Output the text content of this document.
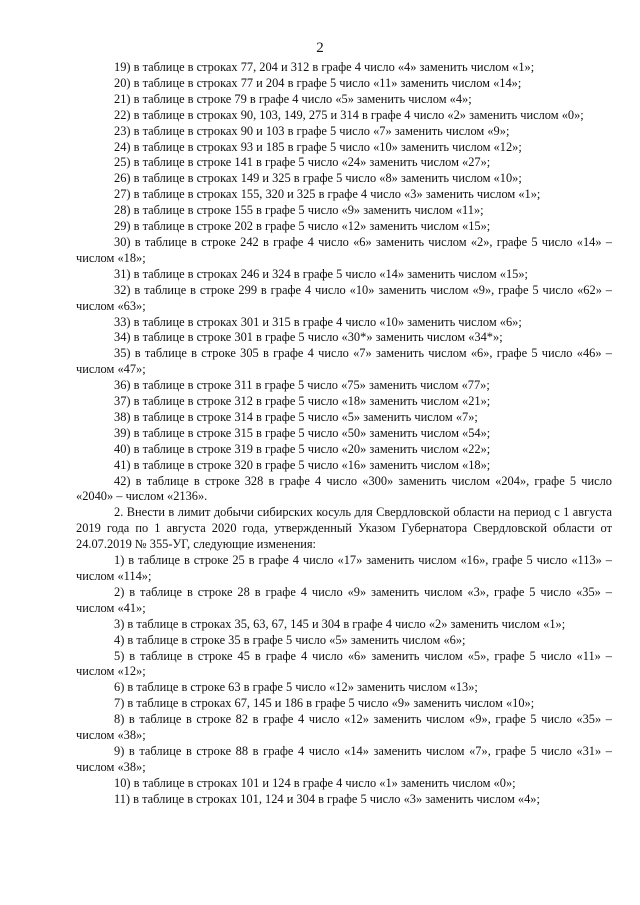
2

19) в таблице в строках 77, 204 и 312 в графе 4 число «4» заменить числом «1»;

20) в таблице в строках 77 и 204 в графе 5 число «11» заменить числом «14»;

21) в таблице в строке 79 в графе 4 число «5» заменить числом «4»;

22) в таблице в строках 90, 103, 149, 275 и 314 в графе 4 число «2» заменить числом «0»;

23) в таблице в строках 90 и 103 в графе 5 число «7» заменить числом «9»;

24) в таблице в строках 93 и 185 в графе 5 число «10» заменить числом «12»;

25) в таблице в строке 141 в графе 5 число «24» заменить числом «27»;

26) в таблице в строках 149 и 325 в графе 5 число «8» заменить числом «10»;

27) в таблице в строках 155, 320 и 325 в графе 4 число «3» заменить числом «1»;

28) в таблице в строке 155 в графе 5 число «9» заменить числом «11»;

29) в таблице в строке 202 в графе 5 число «12» заменить числом «15»;

30) в таблице в строке 242 в графе 4 число «6» заменить числом «2», графе 5 число «14» – числом «18»;

31) в таблице в строках 246 и 324 в графе 5 число «14» заменить числом «15»;

32) в таблице в строке 299 в графе 4 число «10» заменить числом «9», графе 5 число «62» – числом «63»;

33) в таблице в строках 301 и 315 в графе 4 число «10» заменить числом «6»;

34) в таблице в строке 301 в графе 5 число «30*» заменить числом «34*»;

35) в таблице в строке 305 в графе 4 число «7» заменить числом «6», графе 5 число «46» – числом «47»;

36) в таблице в строке 311 в графе 5 число «75» заменить числом «77»;

37) в таблице в строке 312 в графе 5 число «18» заменить числом «21»;

38) в таблице в строке 314 в графе 5 число «5» заменить числом «7»;

39) в таблице в строке 315 в графе 5 число «50» заменить числом «54»;

40) в таблице в строке 319 в графе 5 число «20» заменить числом «22»;

41) в таблице в строке 320 в графе 5 число «16» заменить числом «18»;

42) в таблице в строке 328 в графе 4 число «300» заменить числом «204», графе 5 число «2040» – числом «2136».

2. Внести в лимит добычи сибирских косуль для Свердловской области на период с 1 августа 2019 года по 1 августа 2020 года, утвержденный Указом Губернатора Свердловской области от 24.07.2019 № 355-УГ, следующие изменения:

1) в таблице в строке 25 в графе 4 число «17» заменить числом «16», графе 5 число «113» – числом «114»;

2) в таблице в строке 28 в графе 4 число «9» заменить числом «3», графе 5 число «35» – числом «41»;

3) в таблице в строках 35, 63, 67, 145 и 304 в графе 4 число «2» заменить числом «1»;

4) в таблице в строке 35 в графе 5 число «5» заменить числом «6»;

5) в таблице в строке 45 в графе 4 число «6» заменить числом «5», графе 5 число «11» – числом «12»;

6) в таблице в строке 63 в графе 5 число «12» заменить числом «13»;

7) в таблице в строках 67, 145 и 186 в графе 5 число «9» заменить числом «10»;

8) в таблице в строке 82 в графе 4 число «12» заменить числом «9», графе 5 число «35» – числом «38»;

9) в таблице в строке 88 в графе 4 число «14» заменить числом «7», графе 5 число «31» – числом «38»;

10) в таблице в строках 101 и 124 в графе 4 число «1» заменить числом «0»;

11) в таблице в строках 101, 124 и 304 в графе 5 число «3» заменить числом «4»;
